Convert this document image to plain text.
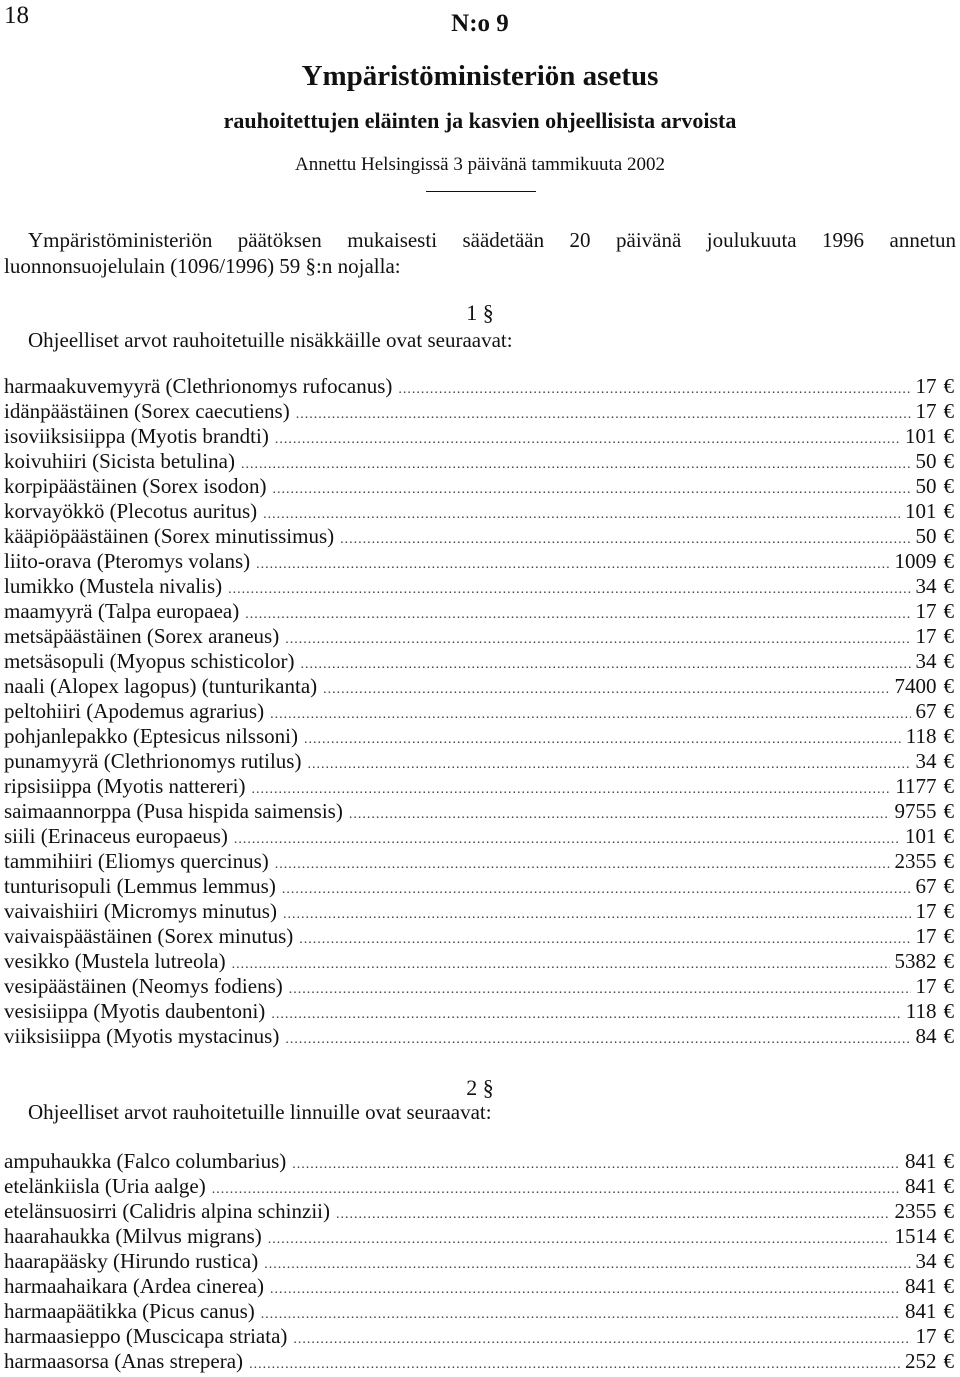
18	N:o 9
Ympäristöministeriön asetus
rauhoitettujen eläinten ja kasvien ohjeellisista arvoista
Annettu Helsingissä 3 päivänä tammikuuta 2002

Ympäristöministeriön päätöksen mukaisesti säädetään 20 päivänä joulukuuta 1996 annetun
luonnonsuojelulain (1096/1996) 59 §:n nojalla:

1 §
Ohjeelliset arvot rauhoitetuille nisäkkäille ovat seuraavat:
harmaakuvemyyrä (Clethrionomys rufocanus) .....	17 €
idänpäästäinen (Sorex caecutiens) .....	17 €
isoviiksisiippa (Myotis brandti) .....	101 €
koivuhiiri (Sicista betulina) .....	50 €
korpipäästäinen (Sorex isodon) .....	50 €
korvayökkö (Plecotus auritus) .....	101 €
kääpiöpäästäinen (Sorex minutissimus) .....	50 €
liito-orava (Pteromys volans) .....	1009 €
lumikko (Mustela nivalis) .....	34 €
maamyyrä (Talpa europaea) .....	17 €
metsäpäästäinen (Sorex araneus) .....	17 €
metsäsopuli (Myopus schisticolor) .....	34 €
naali (Alopex lagopus) (tunturikanta) .....	7400 €
peltohiiri (Apodemus agrarius) .....	67 €
pohjanlepakko (Eptesicus nilssoni) .....	118 €
punamyyrä (Clethrionomys rutilus) .....	34 €
ripsisiippa (Myotis nattereri) .....	1177 €
saimaannorppa (Pusa hispida saimensis) .....	9755 €
siili (Erinaceus europaeus) .....	101 €
tammihiiri (Eliomys quercinus) .....	2355 €
tunturisopuli (Lemmus lemmus) .....	67 €
vaivaishiiri (Micromys minutus) .....	17 €
vaivaispäästäinen (Sorex minutus) .....	17 €
vesikko (Mustela lutreola) .....	5382 €
vesipäästäinen (Neomys fodiens) .....	17 €
vesisiippa (Myotis daubentoni) .....	118 €
viiksisiippa (Myotis mystacinus) .....	84 €
2 §
Ohjeelliset arvot rauhoitetuille linnuille ovat seuraavat:
ampuhaukka (Falco columbarius) .....	841 €
etelänkiisla (Uria aalge) .....	841 €
etelänsuosirri (Calidris alpina schinzii) .....	2355 €
haarahaukka (Milvus migrans) .....	1514 €
haarapääsky (Hirundo rustica) .....	34 €
harmaahaikara (Ardea cinerea) .....	841 €
harmaapäätikka (Picus canus) .....	841 €
harmaasieppo (Muscicapa striata) .....	17 €
harmaasorsa (Anas strepera) .....	252 €
